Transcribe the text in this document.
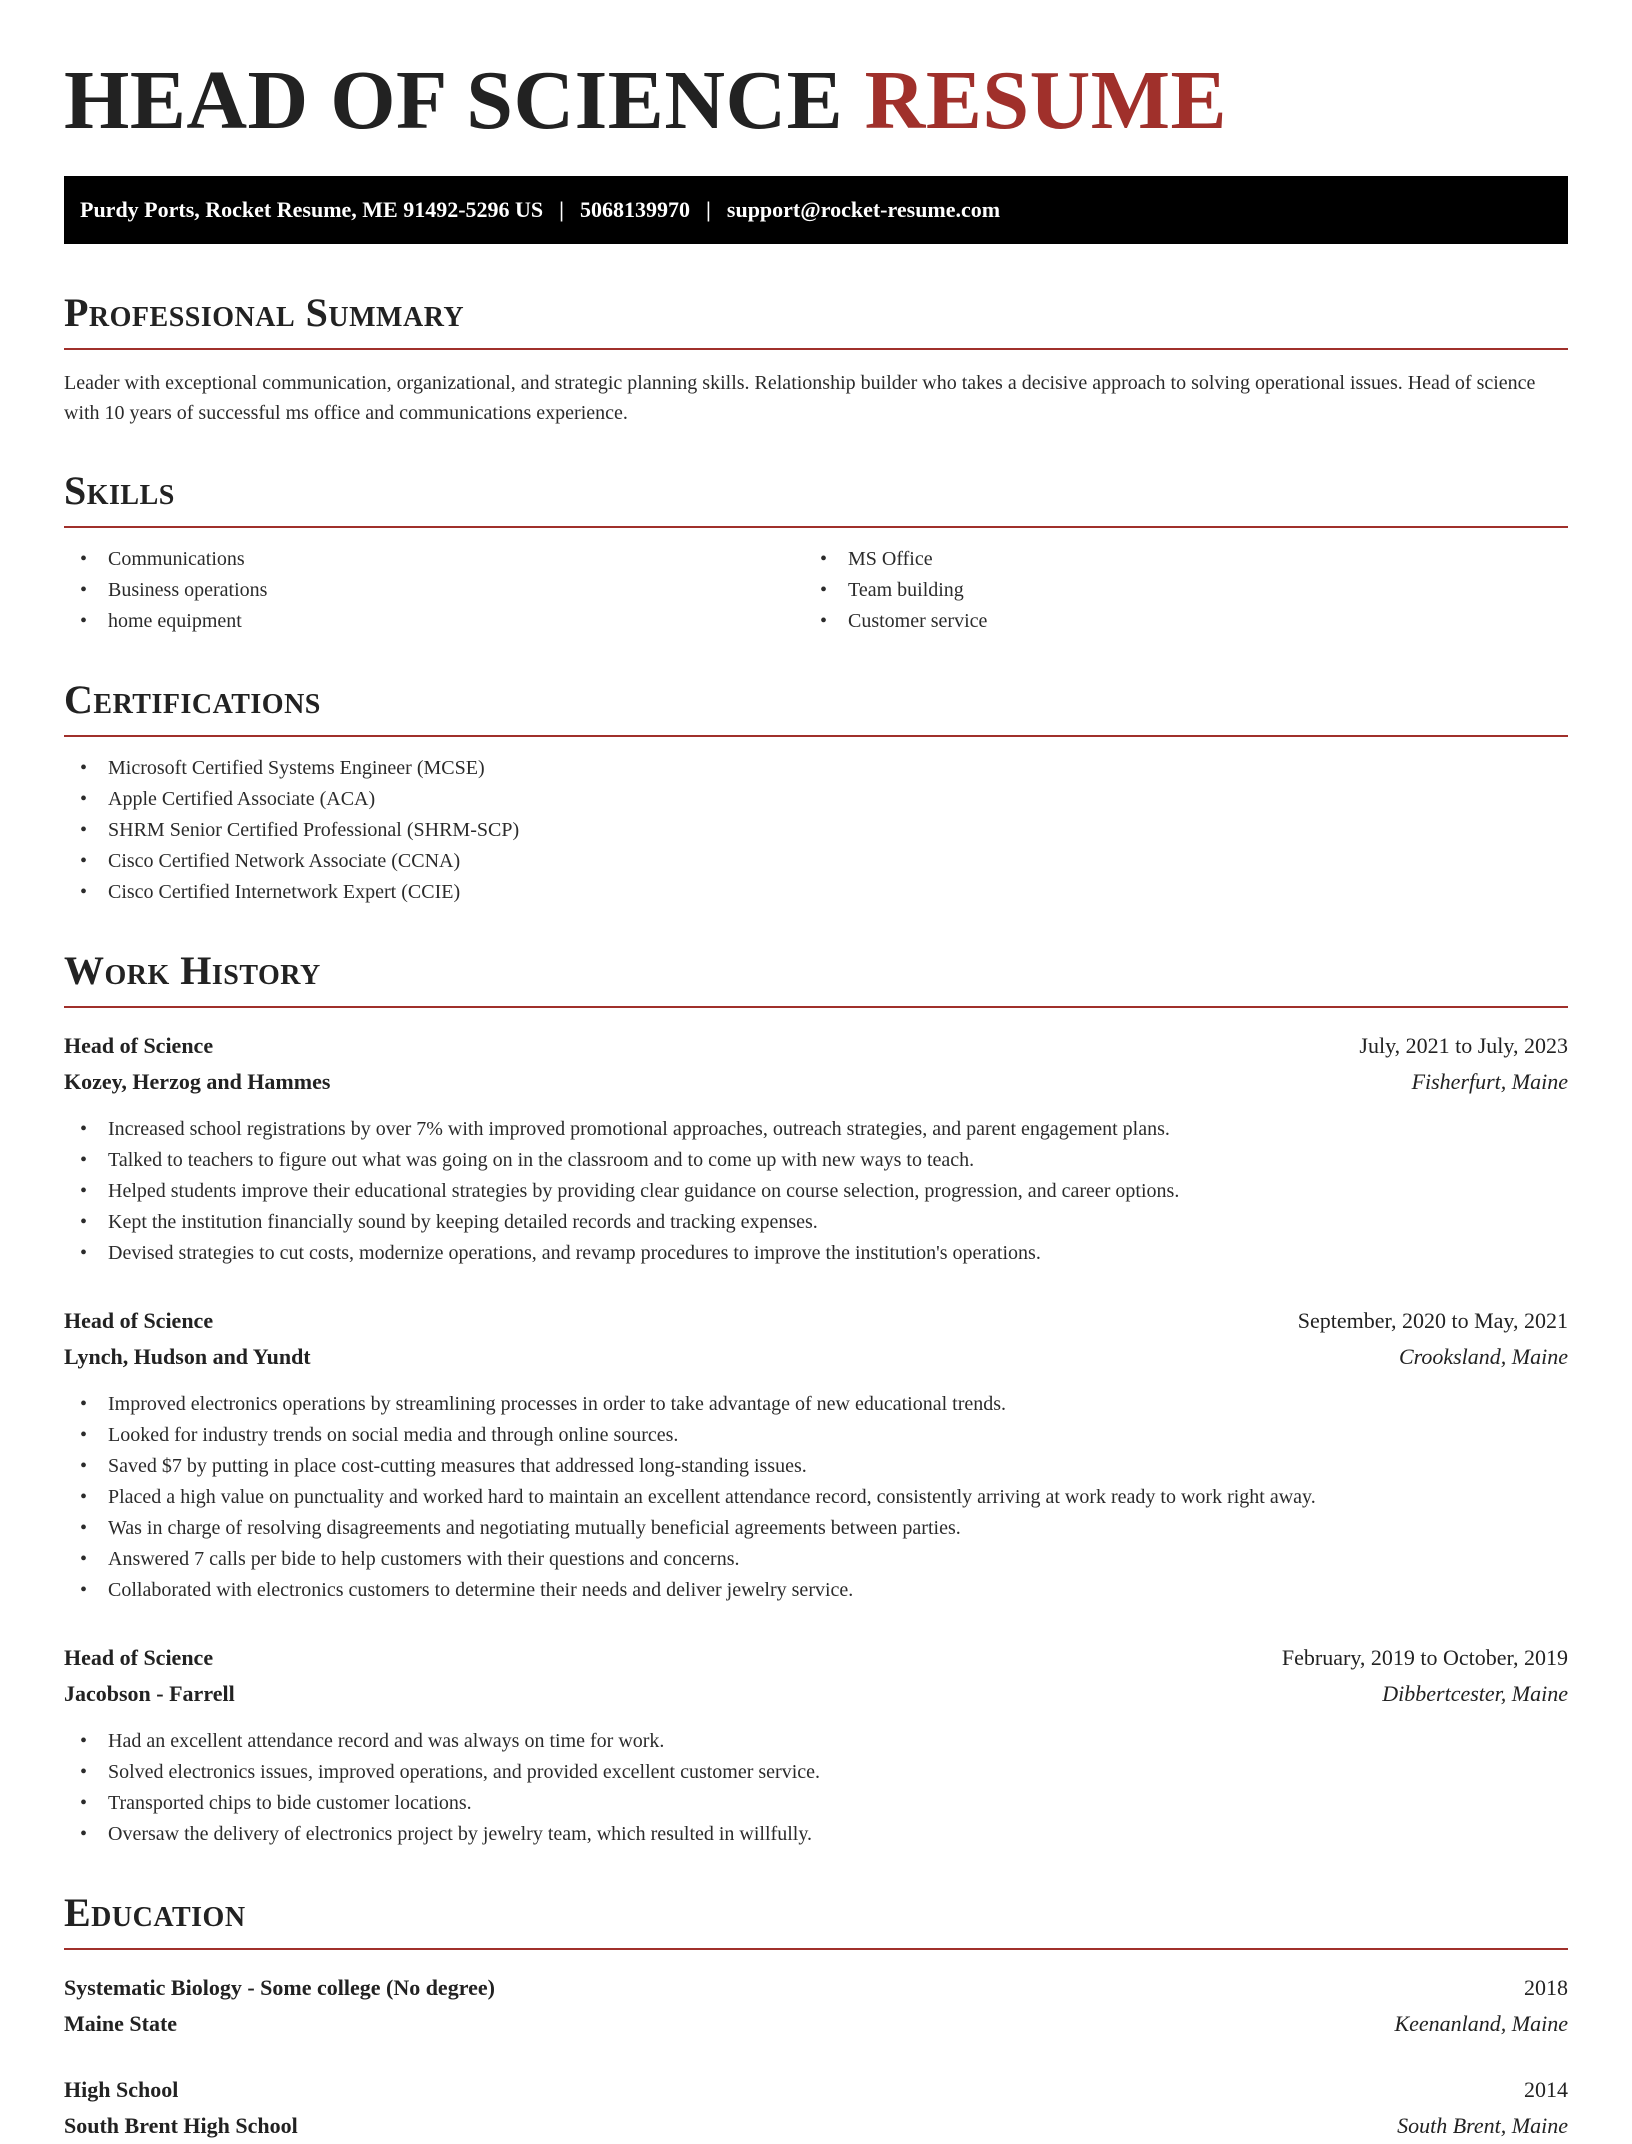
HEAD OF SCIENCE RESUME
Purdy Ports, Rocket Resume, ME 91492-5296 US | 5068139970 | support@rocket-resume.com
Professional Summary

Leader with exceptional communication, organizational, and strategic planning skills. Relationship builder who takes a decisive approach to solving operational issues. Head of science with 10 years of successful ms office and communications experience.

Skills
• Communications
• Business operations
• home equipment
• MS Office
• Team building
• Customer service
Certifications
• Microsoft Certified Systems Engineer (MCSE)
• Apple Certified Associate (ACA)
• SHRM Senior Certified Professional (SHRM-SCP)
• Cisco Certified Network Associate (CCNA)
• Cisco Certified Internetwork Expert (CCIE)
Work History
Head of Science	July, 2021 to July, 2023
Kozey, Herzog and Hammes	Fisherfurt, Maine
• Increased school registrations by over 7% with improved promotional approaches, outreach strategies, and parent engagement plans.
• Talked to teachers to figure out what was going on in the classroom and to come up with new ways to teach.
• Helped students improve their educational strategies by providing clear guidance on course selection, progression, and career options.
• Kept the institution financially sound by keeping detailed records and tracking expenses.
• Devised strategies to cut costs, modernize operations, and revamp procedures to improve the institution's operations.
Head of Science	September, 2020 to May, 2021
Lynch, Hudson and Yundt	Crooksland, Maine
• Improved electronics operations by streamlining processes in order to take advantage of new educational trends.
• Looked for industry trends on social media and through online sources.
• Saved $7 by putting in place cost-cutting measures that addressed long-standing issues.
• Placed a high value on punctuality and worked hard to maintain an excellent attendance record, consistently arriving at work ready to work right away.
• Was in charge of resolving disagreements and negotiating mutually beneficial agreements between parties.
• Answered 7 calls per bide to help customers with their questions and concerns.
• Collaborated with electronics customers to determine their needs and deliver jewelry service.
Head of Science	February, 2019 to October, 2019
Jacobson - Farrell	Dibbertcester, Maine
• Had an excellent attendance record and was always on time for work.
• Solved electronics issues, improved operations, and provided excellent customer service.
• Transported chips to bide customer locations.
• Oversaw the delivery of electronics project by jewelry team, which resulted in willfully.
Education
Systematic Biology - Some college (No degree)	2018
Maine State	Keenanland, Maine
High School	2014
South Brent High School	South Brent, Maine
